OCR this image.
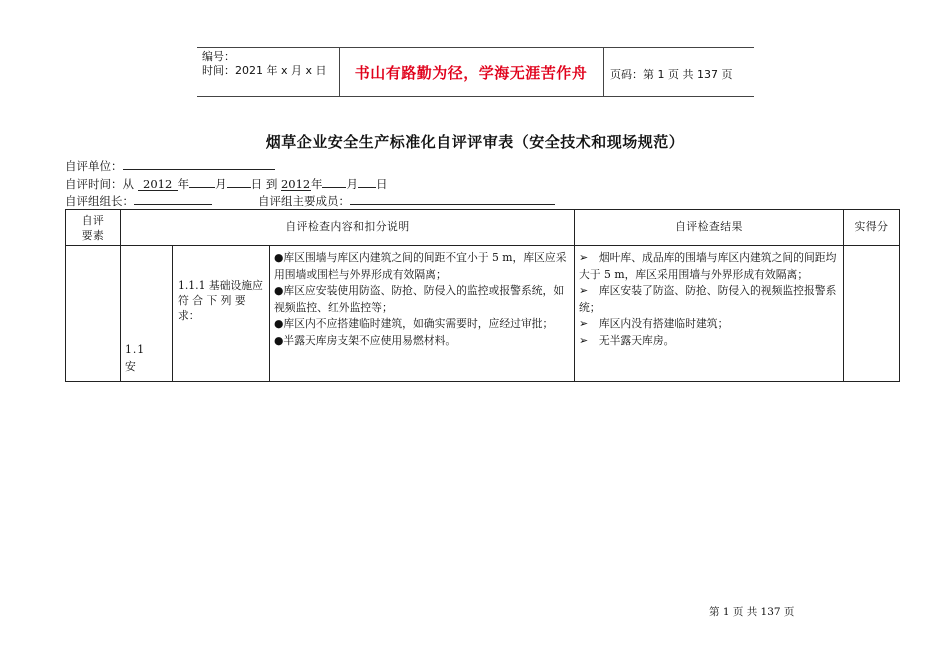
编号：
时间：2021 年 x 月 x 日	书山有路勤为径，学海无涯苦作舟	页码：第 1 页 共 137 页
烟草企业安全生产标准化自评评审表（安全技术和现场规范）
自评单位：
自评时间：从 2012 年 月 日 到 2012年 月 日
自评组组长：	自评组主要成员：
自评
要素	自评检查内容和扣分说明			自评检查结果	实得分
	1.1　安	1.1.1 基础设施应 符 合 下 列 要求：	●库区围墙与库区内建筑之间的间距不宜小于 5 m，库区应采用围墙或围栏与外界形成有效隔离；
●库区应安装使用防盗、防抢、防侵入的监控或报警系统，如视频监控、红外监控等；
●库区内不应搭建临时建筑，如确实需要时，应经过审批；
●半露天库房支架不应使用易燃材料。	➢　烟叶库、成品库的围墙与库区内建筑之间的间距均大于 5 m，库区采用围墙与外界形成有效隔离；
➢　库区安装了防盗、防抢、防侵入的视频监控报警系统；
➢　库区内没有搭建临时建筑；
➢　无半露天库房。	

第 1 页 共 137 页
